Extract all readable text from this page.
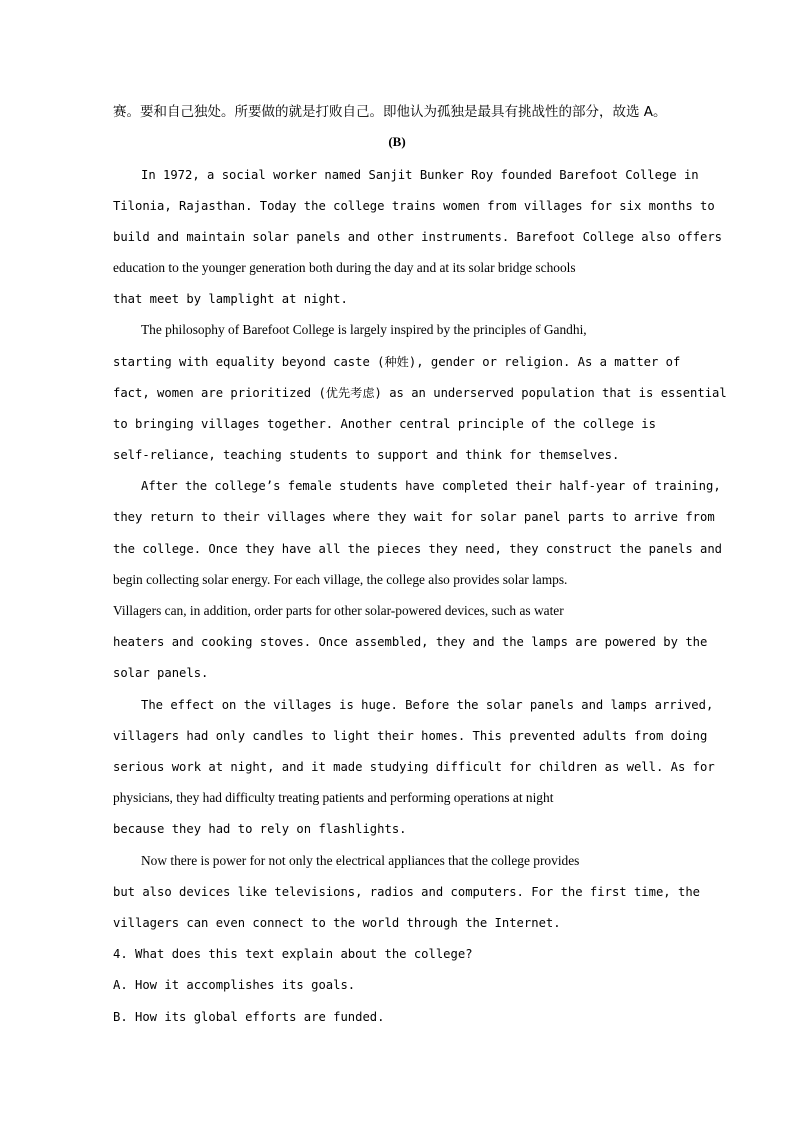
赛。要和自己独处。所要做的就是打败自己。即他认为孤独是最具有挑战性的部分，故选 A。
(B)
In 1972, a social worker named Sanjit Bunker Roy founded Barefoot College in
Tilonia, Rajasthan. Today the college trains women from villages for six months to
build and maintain solar panels and other instruments. Barefoot College also offers
education to the younger generation both during the day and at its solar bridge schools
that meet by lamplight at night.
The philosophy of Barefoot College is largely inspired by the principles of Gandhi,
starting with equality beyond caste (种姓), gender or religion. As a matter of
fact, women are prioritized (优先考虑) as an underserved population that is essential
to bringing villages together. Another central principle of the college is
self-reliance, teaching students to support and think for themselves.
After the college’s female students have completed their half-year of training,
they return to their villages where they wait for solar panel parts to arrive from
the college. Once they have all the pieces they need, they construct the panels and
begin collecting solar energy. For each village, the college also provides solar lamps.
Villagers can, in addition, order parts for other solar-powered devices, such as water
heaters and cooking stoves. Once assembled, they and the lamps are powered by the
solar panels.
The effect on the villages is huge. Before the solar panels and lamps arrived,
villagers had only candles to light their homes. This prevented adults from doing
serious work at night, and it made studying difficult for children as well. As for
physicians, they had difficulty treating patients and performing operations at night
because they had to rely on flashlights.
Now there is power for not only the electrical appliances that the college provides
but also devices like televisions, radios and computers. For the first time, the
villagers can even connect to the world through the Internet.
4. What does this text explain about the college?
A. How it accomplishes its goals.
B. How its global efforts are funded.
